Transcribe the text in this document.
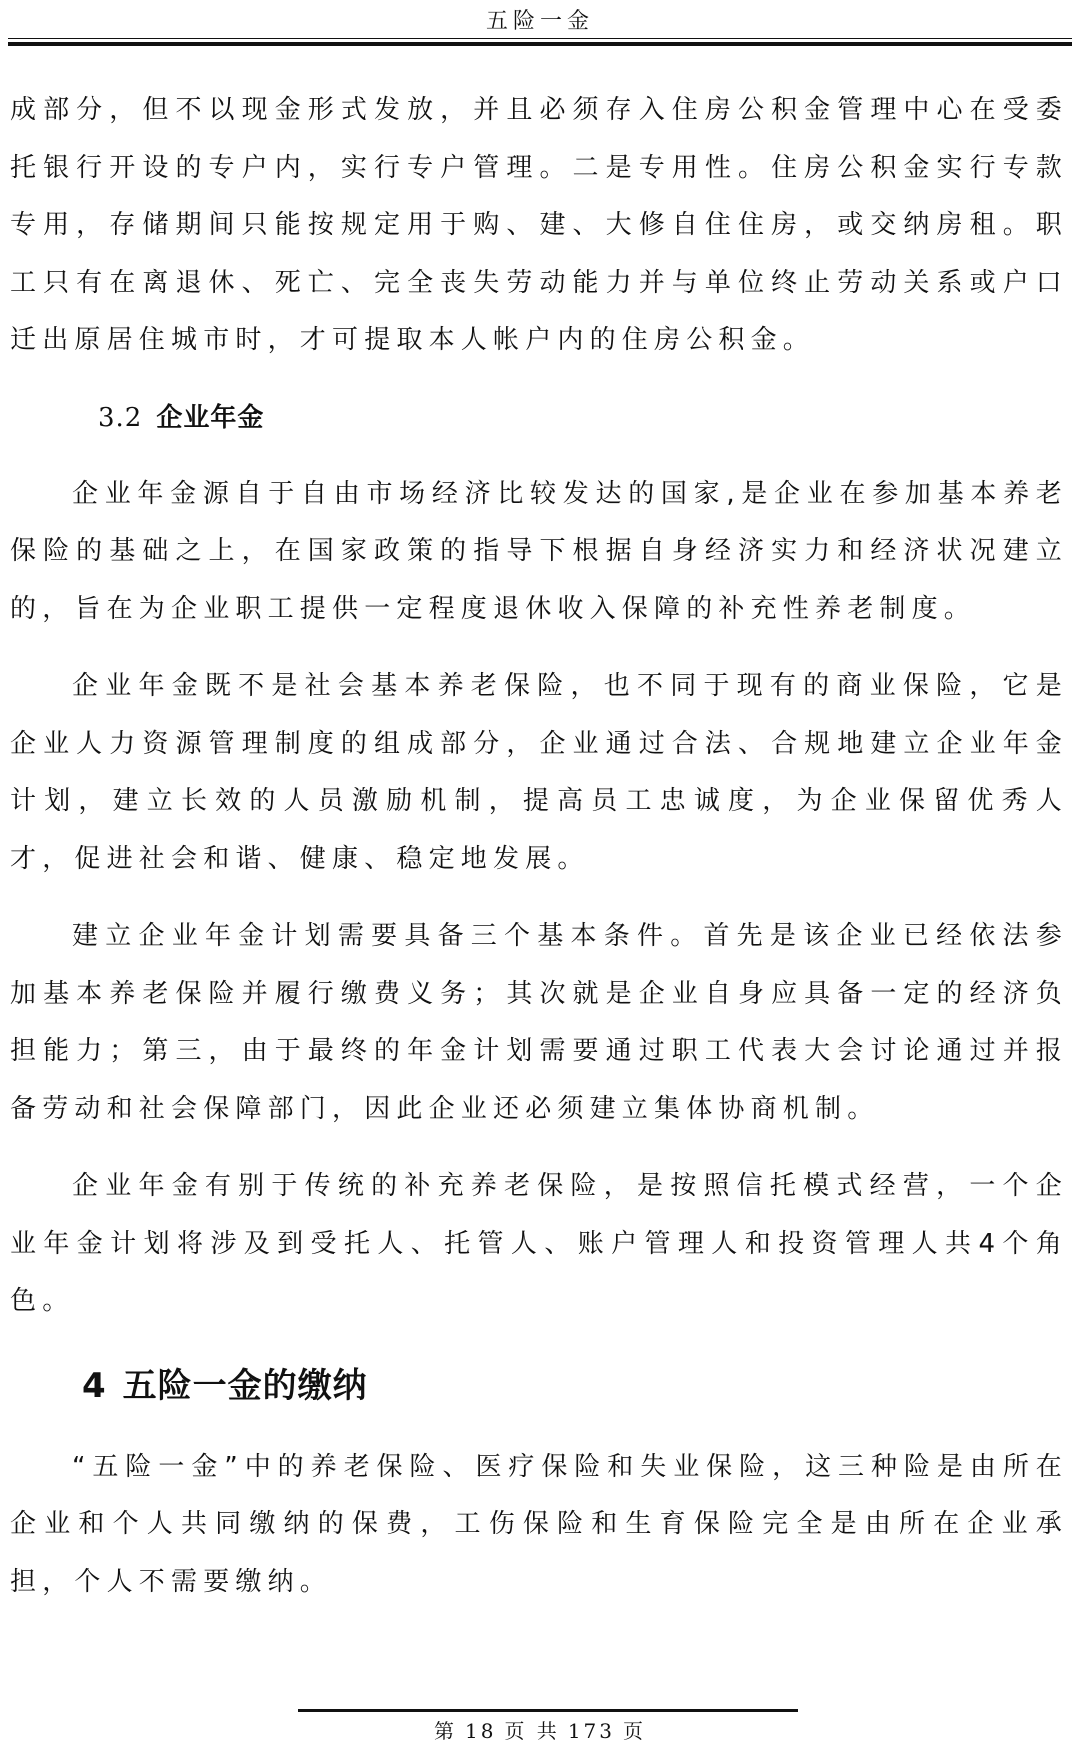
五险一金

成部分，但不以现金形式发放，并且必须存入住房公积金管理中心在受委托银行开设的专户内，实行专户管理。二是专用性。住房公积金实行专款专用，存储期间只能按规定用于购、建、大修自住住房，或交纳房租。职工只有在离退休、死亡、完全丧失劳动能力并与单位终止劳动关系或户口迁出原居住城市时，才可提取本人帐户内的住房公积金。

3.2 企业年金

企业年金源自于自由市场经济比较发达的国家,是企业在参加基本养老保险的基础之上，在国家政策的指导下根据自身经济实力和经济状况建立的，旨在为企业职工提供一定程度退休收入保障的补充性养老制度。

企业年金既不是社会基本养老保险，也不同于现有的商业保险，它是企业人力资源管理制度的组成部分，企业通过合法、合规地建立企业年金计划，建立长效的人员激励机制，提高员工忠诚度，为企业保留优秀人才，促进社会和谐、健康、稳定地发展。

建立企业年金计划需要具备三个基本条件。首先是该企业已经依法参加基本养老保险并履行缴费义务；其次就是企业自身应具备一定的经济负担能力；第三，由于最终的年金计划需要通过职工代表大会讨论通过并报备劳动和社会保障部门，因此企业还必须建立集体协商机制。

企业年金有别于传统的补充养老保险，是按照信托模式经营，一个企业年金计划将涉及到受托人、托管人、账户管理人和投资管理人共4个角色。

4 五险一金的缴纳

“五险一金”中的养老保险、医疗保险和失业保险，这三种险是由所在企业和个人共同缴纳的保费，工伤保险和生育保险完全是由所在企业承担，个人不需要缴纳。

第 18 页 共 173 页
